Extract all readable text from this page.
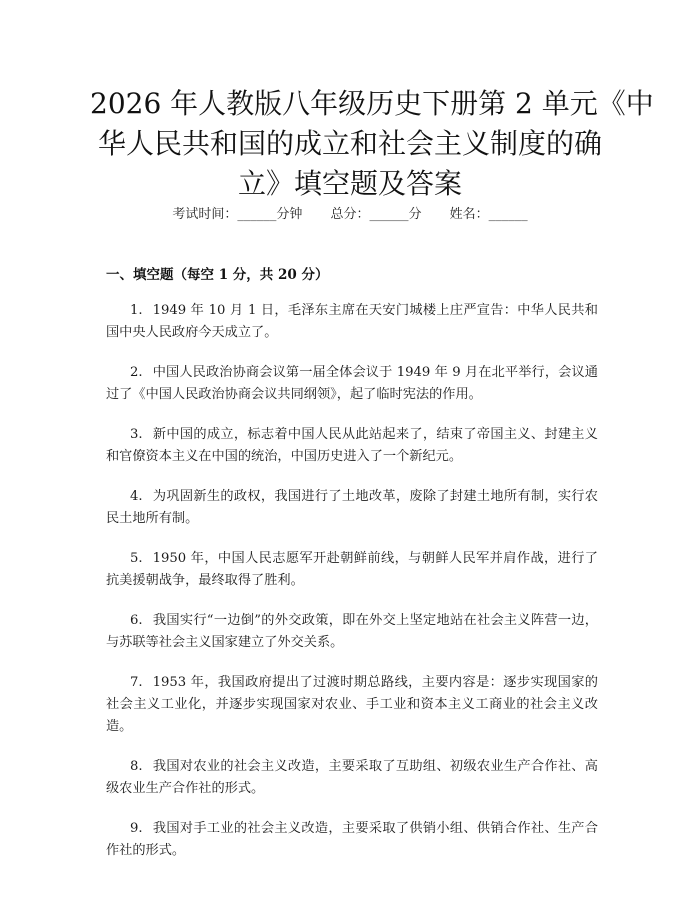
2026 年人教版八年级历史下册第 2 单元《中
华人民共和国的成立和社会主义制度的确
立》填空题及答案
考试时间：______分钟 总分：______分 姓名：______
一、填空题（每空 1 分，共 20 分）
1. 1949 年 10 月 1 日，毛泽东主席在天安门城楼上庄严宣告：中华人民共和国中央人民政府今天成立了。
2. 中国人民政治协商会议第一届全体会议于 1949 年 9 月在北平举行，会议通过了《中国人民政治协商会议共同纲领》，起了临时宪法的作用。
3. 新中国的成立，标志着中国人民从此站起来了，结束了帝国主义、封建主义和官僚资本主义在中国的统治，中国历史进入了一个新纪元。
4. 为巩固新生的政权，我国进行了土地改革，废除了封建土地所有制，实行农民土地所有制。
5. 1950 年，中国人民志愿军开赴朝鲜前线，与朝鲜人民军并肩作战，进行了抗美援朝战争，最终取得了胜利。
6. 我国实行“一边倒”的外交政策，即在外交上坚定地站在社会主义阵营一边，与苏联等社会主义国家建立了外交关系。
7. 1953 年，我国政府提出了过渡时期总路线，主要内容是：逐步实现国家的社会主义工业化，并逐步实现国家对农业、手工业和资本主义工商业的社会主义改造。
8. 我国对农业的社会主义改造，主要采取了互助组、初级农业生产合作社、高级农业生产合作社的形式。
9. 我国对手工业的社会主义改造，主要采取了供销小组、供销合作社、生产合作社的形式。
